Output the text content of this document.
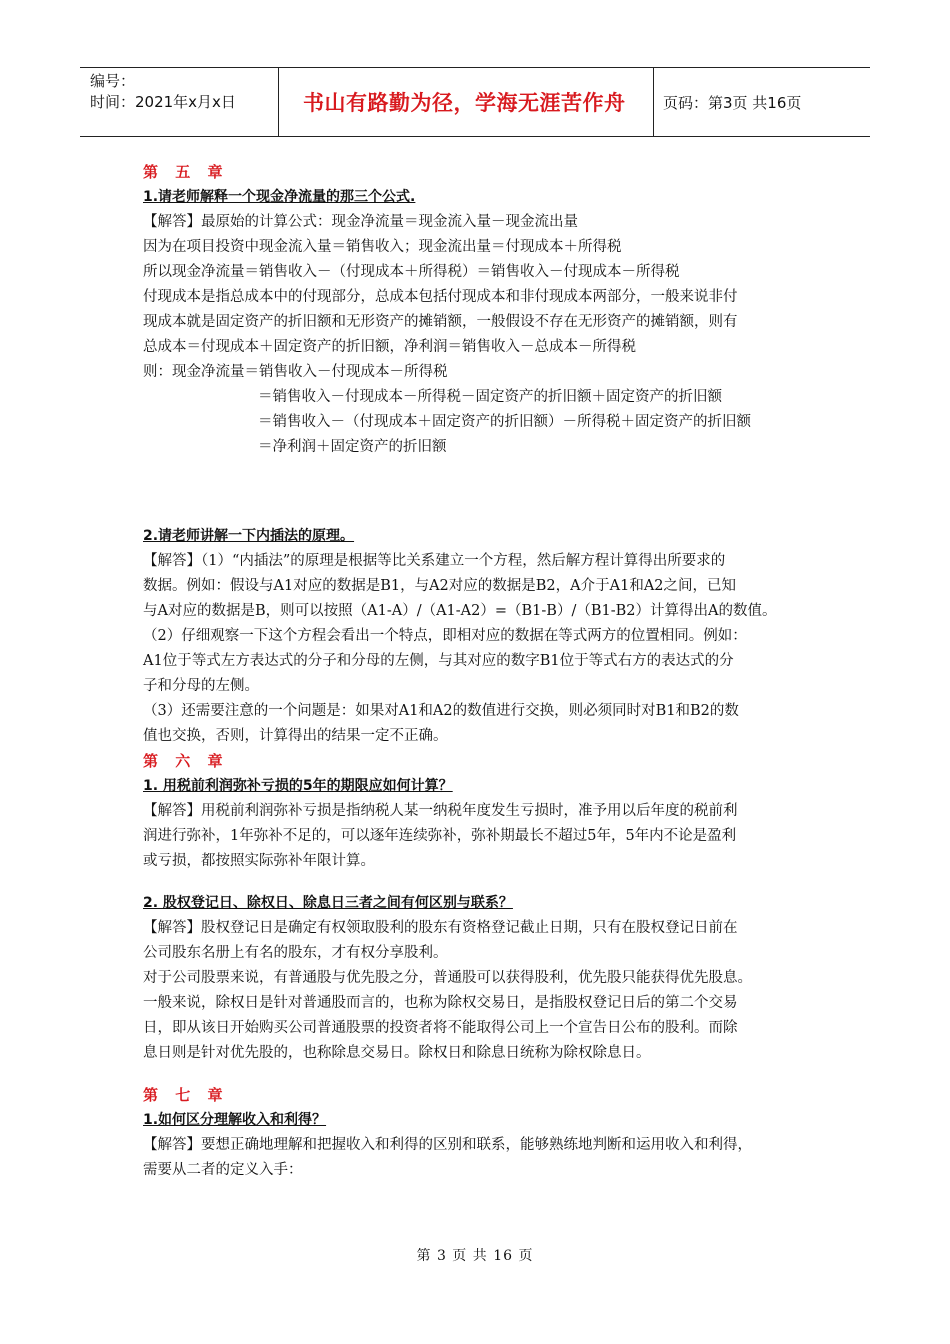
编号：
时间：2021年x月x日	书山有路勤为径，学海无涯苦作舟	页码：第3页 共16页
第 五 章
1.请老师解释一个现金净流量的那三个公式.
【解答】最原始的计算公式：现金净流量＝现金流入量－现金流出量
因为在项目投资中现金流入量＝销售收入；现金流出量＝付现成本＋所得税
所以现金净流量＝销售收入－（付现成本＋所得税）＝销售收入－付现成本－所得税
付现成本是指总成本中的付现部分，总成本包括付现成本和非付现成本两部分，一般来说非付
现成本就是固定资产的折旧额和无形资产的摊销额，一般假设不存在无形资产的摊销额，则有
总成本＝付现成本＋固定资产的折旧额，净利润＝销售收入－总成本－所得税
则：现金净流量＝销售收入－付现成本－所得税
＝销售收入－付现成本－所得税－固定资产的折旧额＋固定资产的折旧额
＝销售收入－（付现成本＋固定资产的折旧额）－所得税＋固定资产的折旧额
＝净利润＋固定资产的折旧额
2.请老师讲解一下内插法的原理。
【解答】（1）“内插法”的原理是根据等比关系建立一个方程，然后解方程计算得出所要求的
数据。例如：假设与A1对应的数据是B1，与A2对应的数据是B2，A介于A1和A2之间，已知
与A对应的数据是B，则可以按照（A1-A）/（A1-A2）=（B1-B）/（B1-B2）计算得出A的数值。
（2）仔细观察一下这个方程会看出一个特点，即相对应的数据在等式两方的位置相同。例如：
A1位于等式左方表达式的分子和分母的左侧，与其对应的数字B1位于等式右方的表达式的分
子和分母的左侧。
（3）还需要注意的一个问题是：如果对A1和A2的数值进行交换，则必须同时对B1和B2的数
值也交换，否则，计算得出的结果一定不正确。
第 六 章
1. 用税前利润弥补亏损的5年的期限应如何计算？
【解答】用税前利润弥补亏损是指纳税人某一纳税年度发生亏损时，准予用以后年度的税前利
润进行弥补，1年弥补不足的，可以逐年连续弥补，弥补期最长不超过5年，5年内不论是盈利
或亏损，都按照实际弥补年限计算。
2. 股权登记日、除权日、除息日三者之间有何区别与联系？
【解答】股权登记日是确定有权领取股利的股东有资格登记截止日期，只有在股权登记日前在
公司股东名册上有名的股东，才有权分享股利。
对于公司股票来说，有普通股与优先股之分，普通股可以获得股利，优先股只能获得优先股息。
一般来说，除权日是针对普通股而言的，也称为除权交易日，是指股权登记日后的第二个交易
日，即从该日开始购买公司普通股票的投资者将不能取得公司上一个宣告日公布的股利。而除
息日则是针对优先股的，也称除息交易日。除权日和除息日统称为除权除息日。
第 七 章
1.如何区分理解收入和利得？
【解答】要想正确地理解和把握收入和利得的区别和联系，能够熟练地判断和运用收入和利得，
需要从二者的定义入手：
第 3 页 共 16 页
